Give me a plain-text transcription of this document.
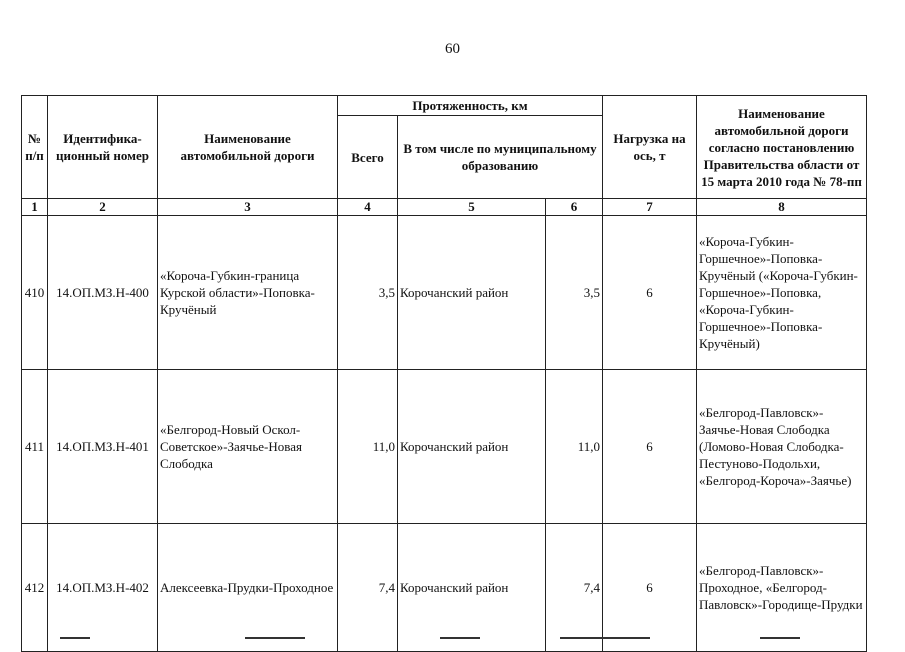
60
№ п/п	Идентифика-ционный номер	Наименование автомобильной дороги	Протяженность, км			Нагрузка на ось, т	Наименование автомобильной дороги согласно постановлению Правительства области от 15 марта 2010 года № 78-пп
			Всего	В том числе по муниципальному образованию			
1	2	3	4	5	6	7	8
410	14.ОП.МЗ.Н-400	«Короча-Губкин-граница Курской области»-Поповка-Кручёный	3,5	Корочанский район	3,5	6	«Короча-Губкин-Горшечное»-Поповка-Кручёный («Короча-Губкин-Горшечное»-Поповка, «Короча-Губкин-Горшечное»-Поповка-Кручёный)
411	14.ОП.МЗ.Н-401	«Белгород-Новый Оскол-Советское»-Заячье-Новая Слободка	11,0	Корочанский район	11,0	6	«Белгород-Павловск»-Заячье-Новая Слободка (Ломово-Новая Слободка-Пестуново-Подольхи, «Белгород-Короча»-Заячье)
412	14.ОП.МЗ.Н-402	Алексеевка-Прудки-Проходное	7,4	Корочанский район	7,4	6	«Белгород-Павловск»-Проходное, «Белгород-Павловск»-Городище-Прудки
